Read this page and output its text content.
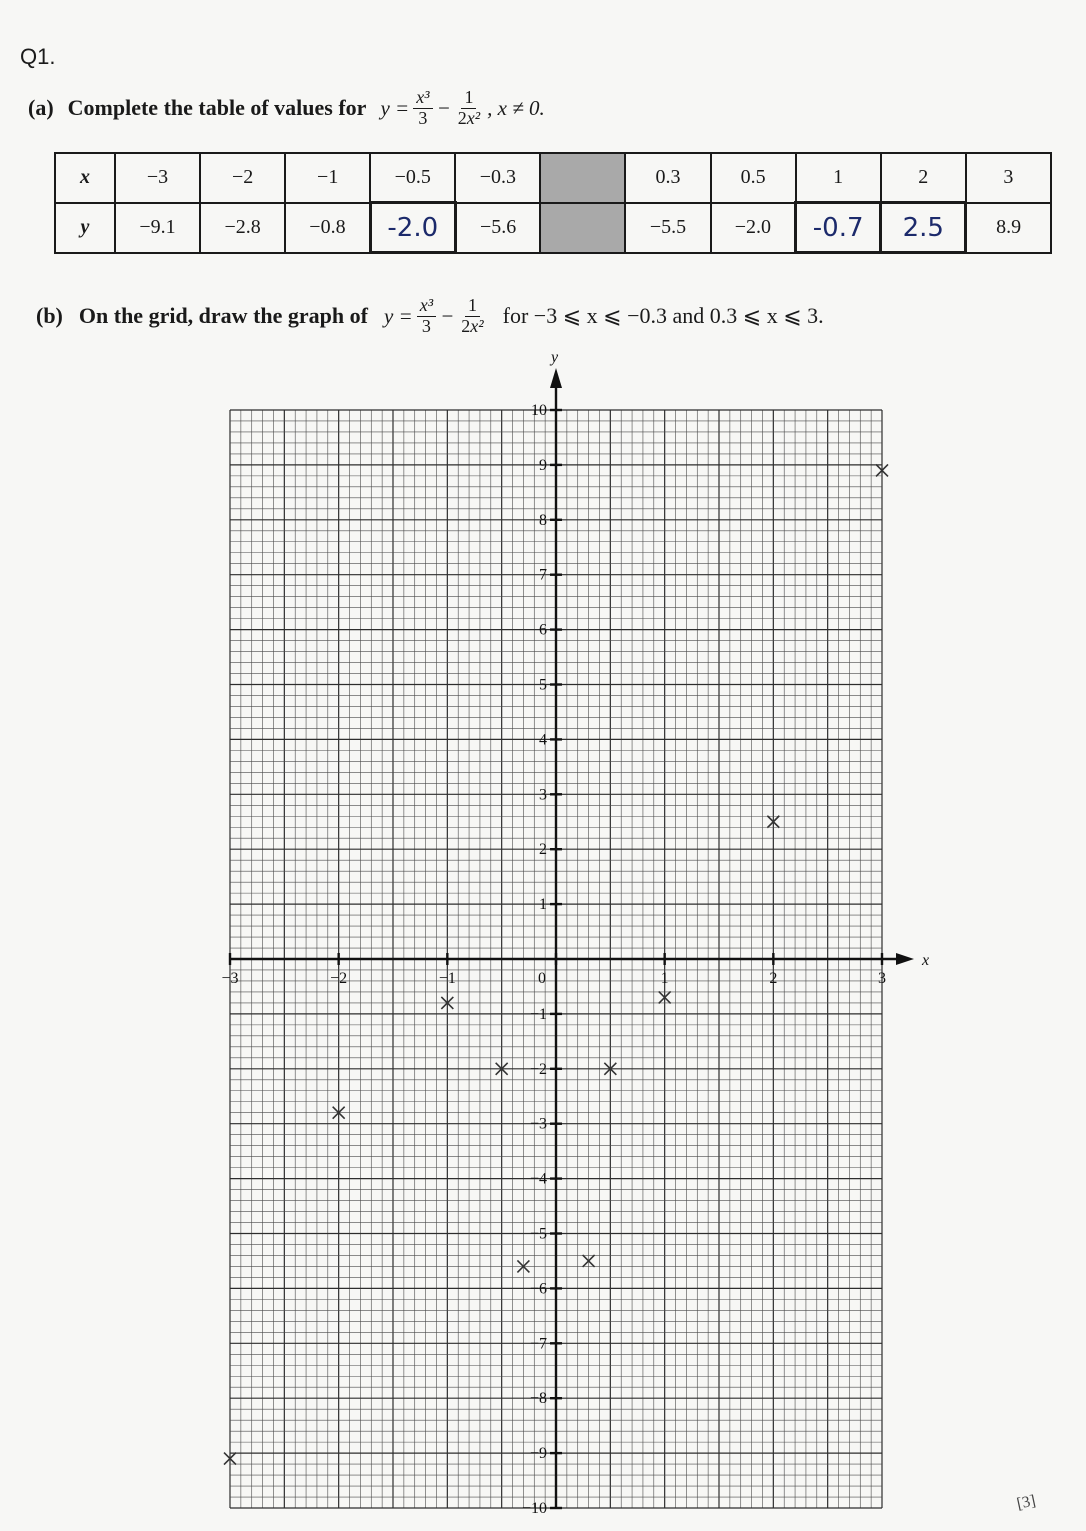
Q1.
(a) Complete the table of values for $y = \frac{\text{x³}}{3} - \frac{1}{\text{2x²}}$ , x ≠ 0.
x	−3	−2	−1	−0.5	−0.3		0.3	0.5	1	2	3
y	−9.1	−2.8	−0.8	-2.0	−5.6		−5.5	−2.0	-0.7	2.5	8.9
(b) On the grid, draw the graph of $y = \frac{\text{x³}}{3} - \frac{1}{\text{2x²}}$ for −3 ⩽ x ⩽ −0.3 and 0.3 ⩽ x ⩽ 3.
x
y
−3	−2	−1	0	1	2	3
10
9
8
7
6
5
4
3
2
1
−1
−2
−3
−4
−5
−6
−7
−8
−9
−10	[3]
